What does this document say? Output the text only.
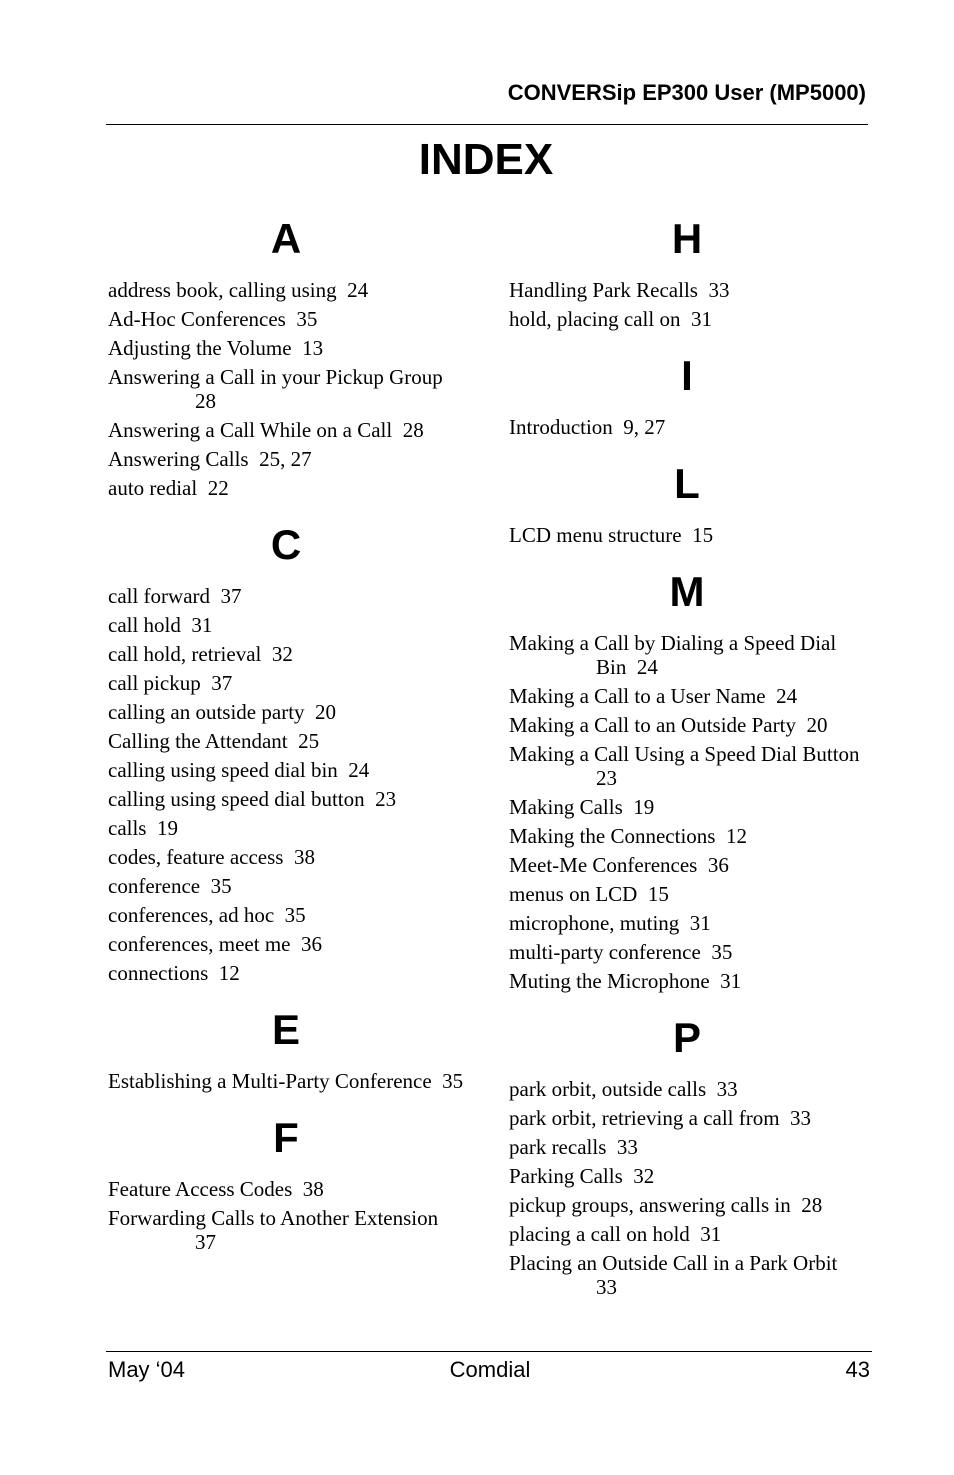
CONVERSip EP300 User (MP5000)
INDEX
A
address book, calling using  24
Ad-Hoc Conferences  35
Adjusting the Volume  13
Answering a Call in your Pickup Group  28
Answering a Call While on a Call  28
Answering Calls  25, 27
auto redial  22
C
call forward  37
call hold  31
call hold, retrieval  32
call pickup  37
calling an outside party  20
Calling the Attendant  25
calling using speed dial bin  24
calling using speed dial button  23
calls  19
codes, feature access  38
conference  35
conferences, ad hoc  35
conferences, meet me  36
connections  12
E
Establishing a Multi-Party Conference  35
F
Feature Access Codes  38
Forwarding Calls to Another Extension  37
H
Handling Park Recalls  33
hold, placing call on  31
I
Introduction  9, 27
L
LCD menu structure  15
M
Making a Call by Dialing a Speed Dial Bin  24
Making a Call to a User Name  24
Making a Call to an Outside Party  20
Making a Call Using a Speed Dial Button  23
Making Calls  19
Making the Connections  12
Meet-Me Conferences  36
menus on LCD  15
microphone, muting  31
multi-party conference  35
Muting the Microphone  31
P
park orbit, outside calls  33
park orbit, retrieving a call from  33
park recalls  33
Parking Calls  32
pickup groups, answering calls in  28
placing a call on hold  31
Placing an Outside Call in a Park Orbit  33
May ‘04	Comdial	43
